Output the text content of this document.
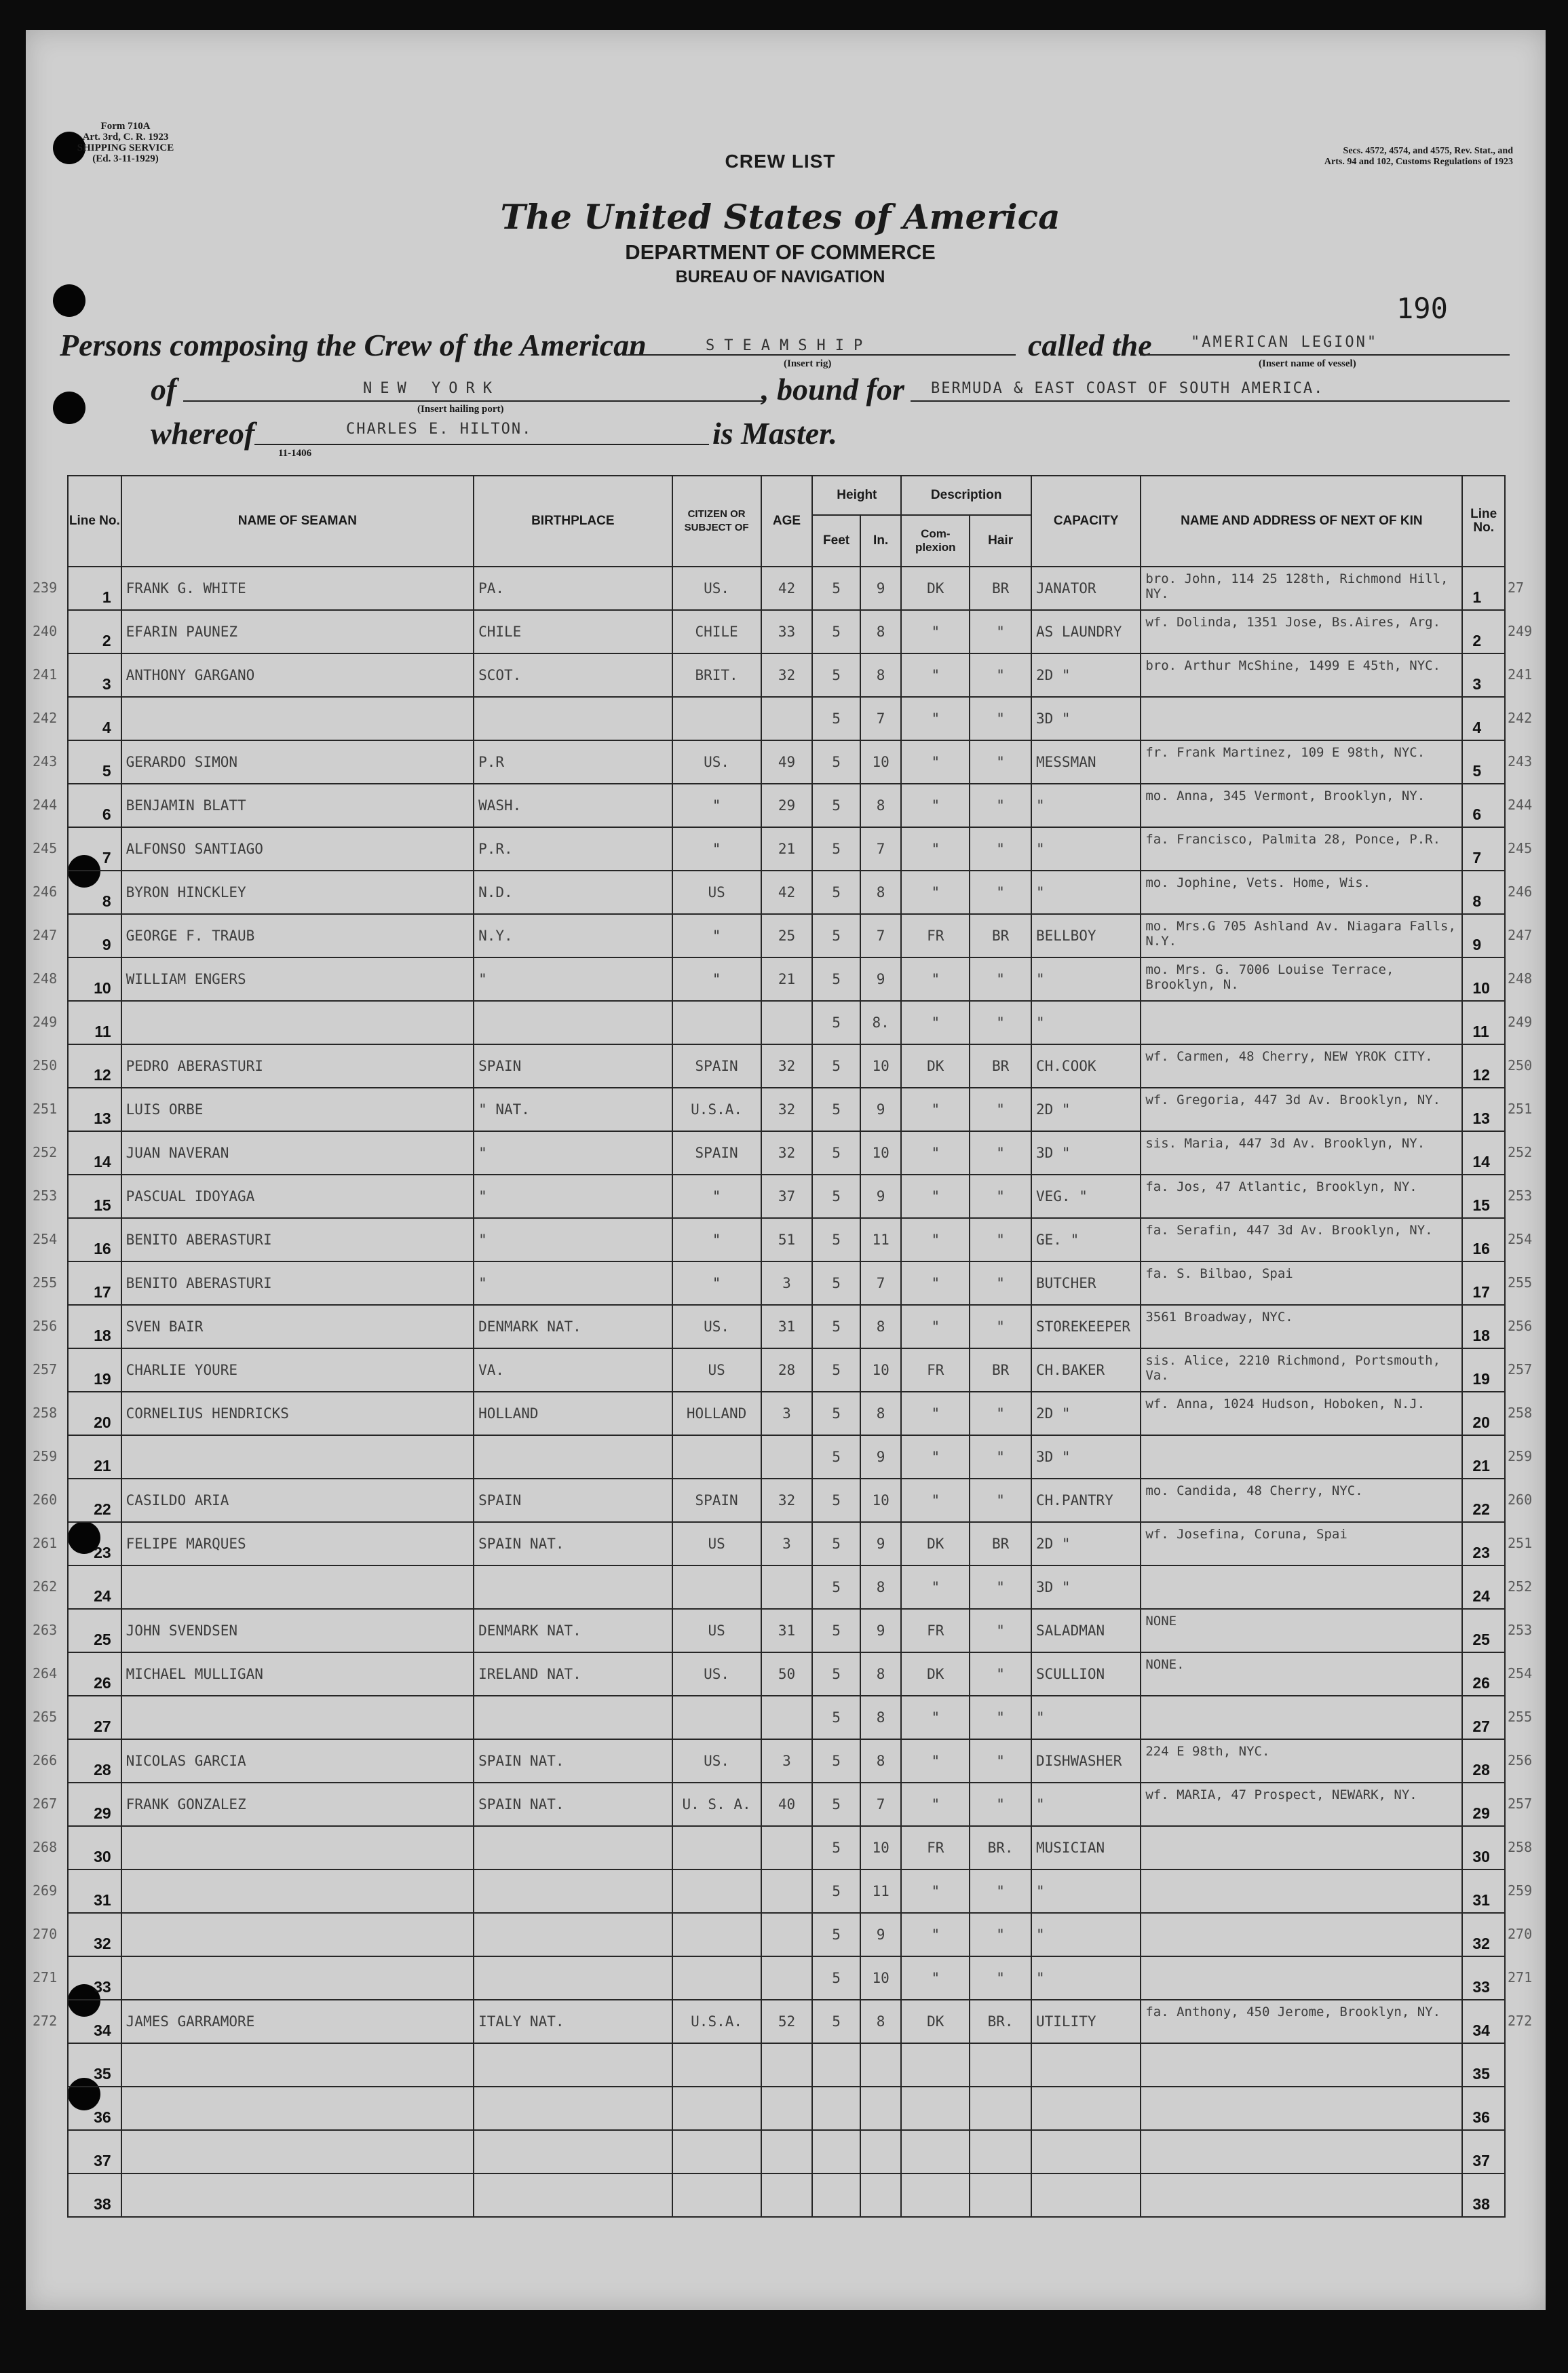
Form 710A
Art. 3rd, C. R. 1923
SHIPPING SERVICE
(Ed. 3-11-1929)
Secs. 4572, 4574, and 4575, Rev. Stat., and
Arts. 94 and 102, Customs Regulations of 1923
CREW LIST
The United States of America
DEPARTMENT OF COMMERCE
BUREAU OF NAVIGATION
190
Persons composing the Crew of the American	STEAMSHIP
(Insert rig)
called the	"AMERICAN LEGION"
(Insert name of vessel)
of	NEW YORK
(Insert hailing port)
, bound for BERMUDA & EAST COAST OF SOUTH AMERICA.
whereof	CHARLES E. HILTON.
11-1406
is Master.
Line No.	NAME OF SEAMAN	BIRTHPLACE	CITIZEN OR SUBJECT OF	AGE	Height		Description		CAPACITY	NAME AND ADDRESS OF NEXT OF KIN	Line No.
					Feet	In.	Com-plexion	Hair			
1	FRANK G. WHITE	PA.	US.	42	5	9	DK	BR	JANATOR	bro. John, 114 25 128th, Richmond Hill, NY.	1
2	EFARIN PAUNEZ	CHILE	CHILE	33	5	8	"	"	AS LAUNDRY	wf. Dolinda, 1351 Jose, Bs.Aires, Arg.	2
3	ANTHONY GARGANO	SCOT.	BRIT.	32	5	8	"	"	2D "	bro. Arthur McShine, 1499 E 45th, NYC.	3
4					5	7	"	"	3D "		4
5	GERARDO SIMON	P.R	US.	49	5	10	"	"	MESSMAN	fr. Frank Martinez, 109 E 98th, NYC.	5
6	BENJAMIN BLATT	WASH.	"	29	5	8	"	"	"	mo. Anna, 345 Vermont, Brooklyn, NY.	6
7	ALFONSO SANTIAGO	P.R.	"	21	5	7	"	"	"	fa. Francisco, Palmita 28, Ponce, P.R.	7
8	BYRON HINCKLEY	N.D.	US	42	5	8	"	"	"	mo. Jophine, Vets. Home, Wis.	8
9	GEORGE F. TRAUB	N.Y.	"	25	5	7	FR	BR	BELLBOY	mo. Mrs.G 705 Ashland Av. Niagara Falls, N.Y.	9
10	WILLIAM ENGERS	"	"	21	5	9	"	"	"	mo. Mrs. G. 7006 Louise Terrace, Brooklyn, N.	10
11					5	8.	"	"	"		11
12	PEDRO ABERASTURI	SPAIN	SPAIN	32	5	10	DK	BR	CH.COOK	wf. Carmen, 48 Cherry, NEW YROK CITY.	12
13	LUIS ORBE	" NAT.	U.S.A.	32	5	9	"	"	2D "	wf. Gregoria, 447 3d Av. Brooklyn, NY.	13
14	JUAN NAVERAN	"	SPAIN	32	5	10	"	"	3D "	sis. Maria, 447 3d Av. Brooklyn, NY.	14
15	PASCUAL IDOYAGA	"	"	37	5	9	"	"	VEG. "	fa. Jos, 47 Atlantic, Brooklyn, NY.	15
16	BENITO ABERASTURI	"	"	51	5	11	"	"	GE. "	fa. Serafin, 447 3d Av. Brooklyn, NY.	16
17	BENITO ABERASTURI	"	"	3	5	7	"	"	BUTCHER	fa. S. Bilbao, Spai	17
18	SVEN BAIR	DENMARK NAT.	US.	31	5	8	"	"	STOREKEEPER	3561 Broadway, NYC.	18
19	CHARLIE YOURE	VA.	US	28	5	10	FR	BR	CH.BAKER	sis. Alice, 2210 Richmond, Portsmouth, Va.	19
20	CORNELIUS HENDRICKS	HOLLAND	HOLLAND	3	5	8	"	"	2D "	wf. Anna, 1024 Hudson, Hoboken, N.J.	20
21					5	9	"	"	3D "		21
22	CASILDO ARIA	SPAIN	SPAIN	32	5	10	"	"	CH.PANTRY	mo. Candida, 48 Cherry, NYC.	22
23	FELIPE MARQUES	SPAIN NAT.	US	3	5	9	DK	BR	2D "	wf. Josefina, Coruna, Spai	23
24					5	8	"	"	3D "		24
25	JOHN SVENDSEN	DENMARK NAT.	US	31	5	9	FR	"	SALADMAN	NONE	25
26	MICHAEL MULLIGAN	IRELAND NAT.	US.	50	5	8	DK	"	SCULLION	NONE.	26
27					5	8	"	"	"		27
28	NICOLAS GARCIA	SPAIN NAT.	US.	3	5	8	"	"	DISHWASHER	224 E 98th, NYC.	28
29	FRANK GONZALEZ	SPAIN NAT.	U. S. A.	40	5	7	"	"	"	wf. MARIA, 47 Prospect, NEWARK, NY.	29
30					5	10	FR	BR.	MUSICIAN		30
31					5	11	"	"	"		31
32					5	9	"	"	"		32
33					5	10	"	"	"		33
34	JAMES GARRAMORE	ITALY NAT.	U.S.A.	52	5	8	DK	BR.	UTILITY	fa. Anthony, 450 Jerome, Brooklyn, NY.	34
35											35
36											36
37											37
38											38
239
240
241
242
243
244
245
246
247
248
249
250
251
252
253
254
255
256
257
258
259
260
261
262
263
264
265
266
267
268
269
270
271
272
27
249
241
242
243
244
245
246
247
248
249
250
251
252
253
254
255
256
257
258
259
260
251
252
253
254
255
256
257
258
259
270
271
272
